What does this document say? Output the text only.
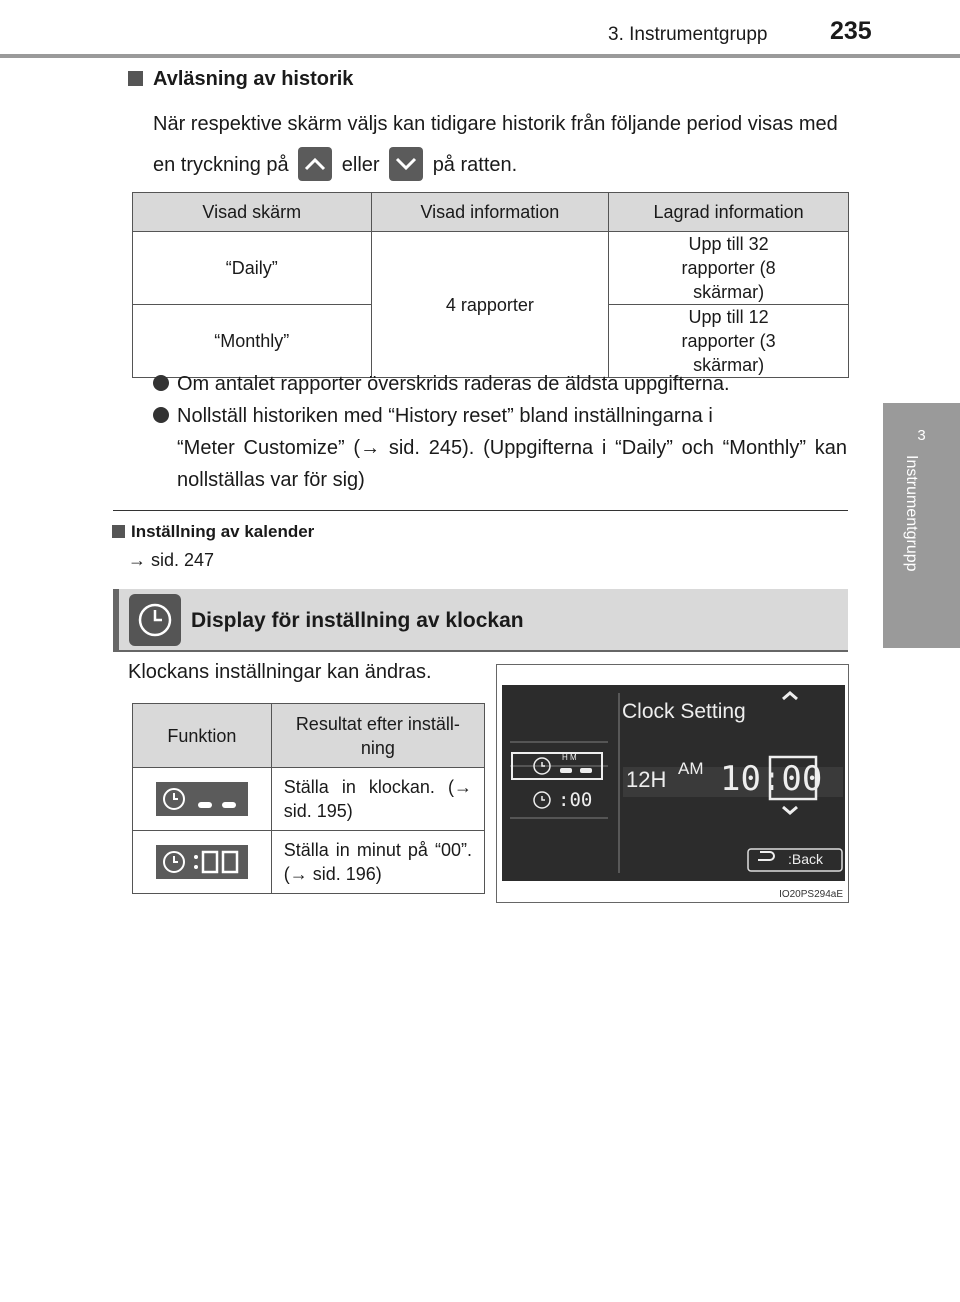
3. Instrumentgrupp	235
3
Instrumentgrupp
Avläsning av historik
När respektive skärm väljs kan tidigare historik från följande period visas med en tryckning på	eller	på ratten.
Visad skärm	Visad information	Lagrad information
“Daily”	4 rapporter	Upp till 32 rapporter (8 skärmar)
“Monthly”		Upp till 12 rapporter (3 skärmar)
Om antalet rapporter överskrids raderas de äldsta uppgifterna.
Nollställ historiken med “History reset” bland inställningarna i
“Meter Customize” (→ sid. 245). (Uppgifterna i “Daily” och “Monthly” kan nollställas var för sig)
Inställning av kalender
→ sid. 247
Display för inställning av klockan
Klockans inställningar kan ändras.
Funktion	Resultat efter inställ- ning
	Ställa in klockan. (→ sid. 195)
	Ställa in minut på “00”. (→ sid. 196)
Clock Setting
12H AM 10:00
H M
:00
:Back
IO20PS294aE
